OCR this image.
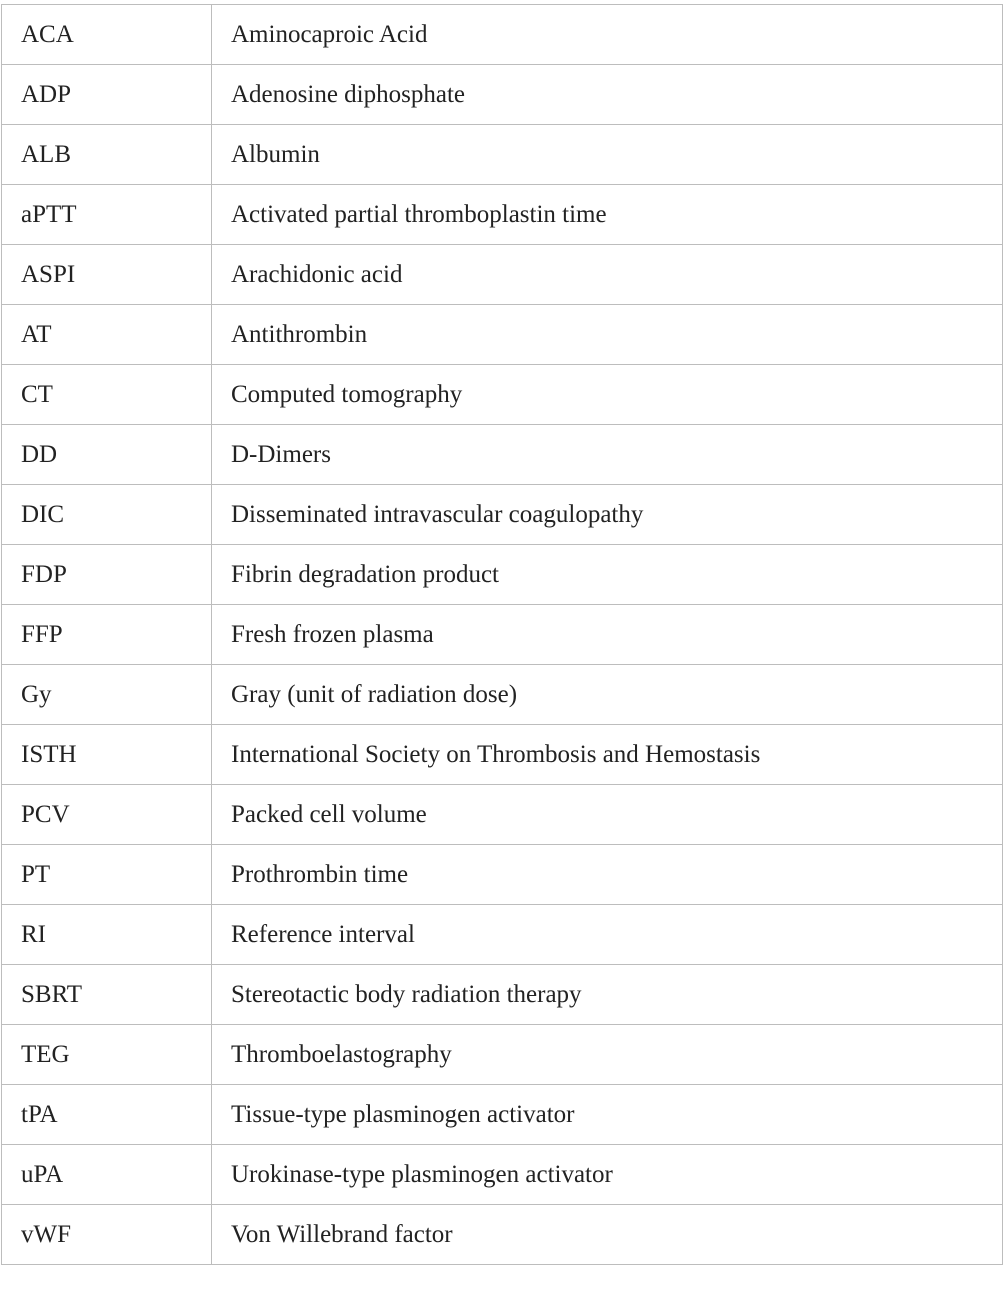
ACA	Aminocaproic Acid
ADP	Adenosine diphosphate
ALB	Albumin
aPTT	Activated partial thromboplastin time
ASPI	Arachidonic acid
AT	Antithrombin
CT	Computed tomography
DD	D-Dimers
DIC	Disseminated intravascular coagulopathy
FDP	Fibrin degradation product
FFP	Fresh frozen plasma
Gy	Gray (unit of radiation dose)
ISTH	International Society on Thrombosis and Hemostasis
PCV	Packed cell volume
PT	Prothrombin time
RI	Reference interval
SBRT	Stereotactic body radiation therapy
TEG	Thromboelastography
tPA	Tissue-type plasminogen activator
uPA	Urokinase-type plasminogen activator
vWF	Von Willebrand factor
